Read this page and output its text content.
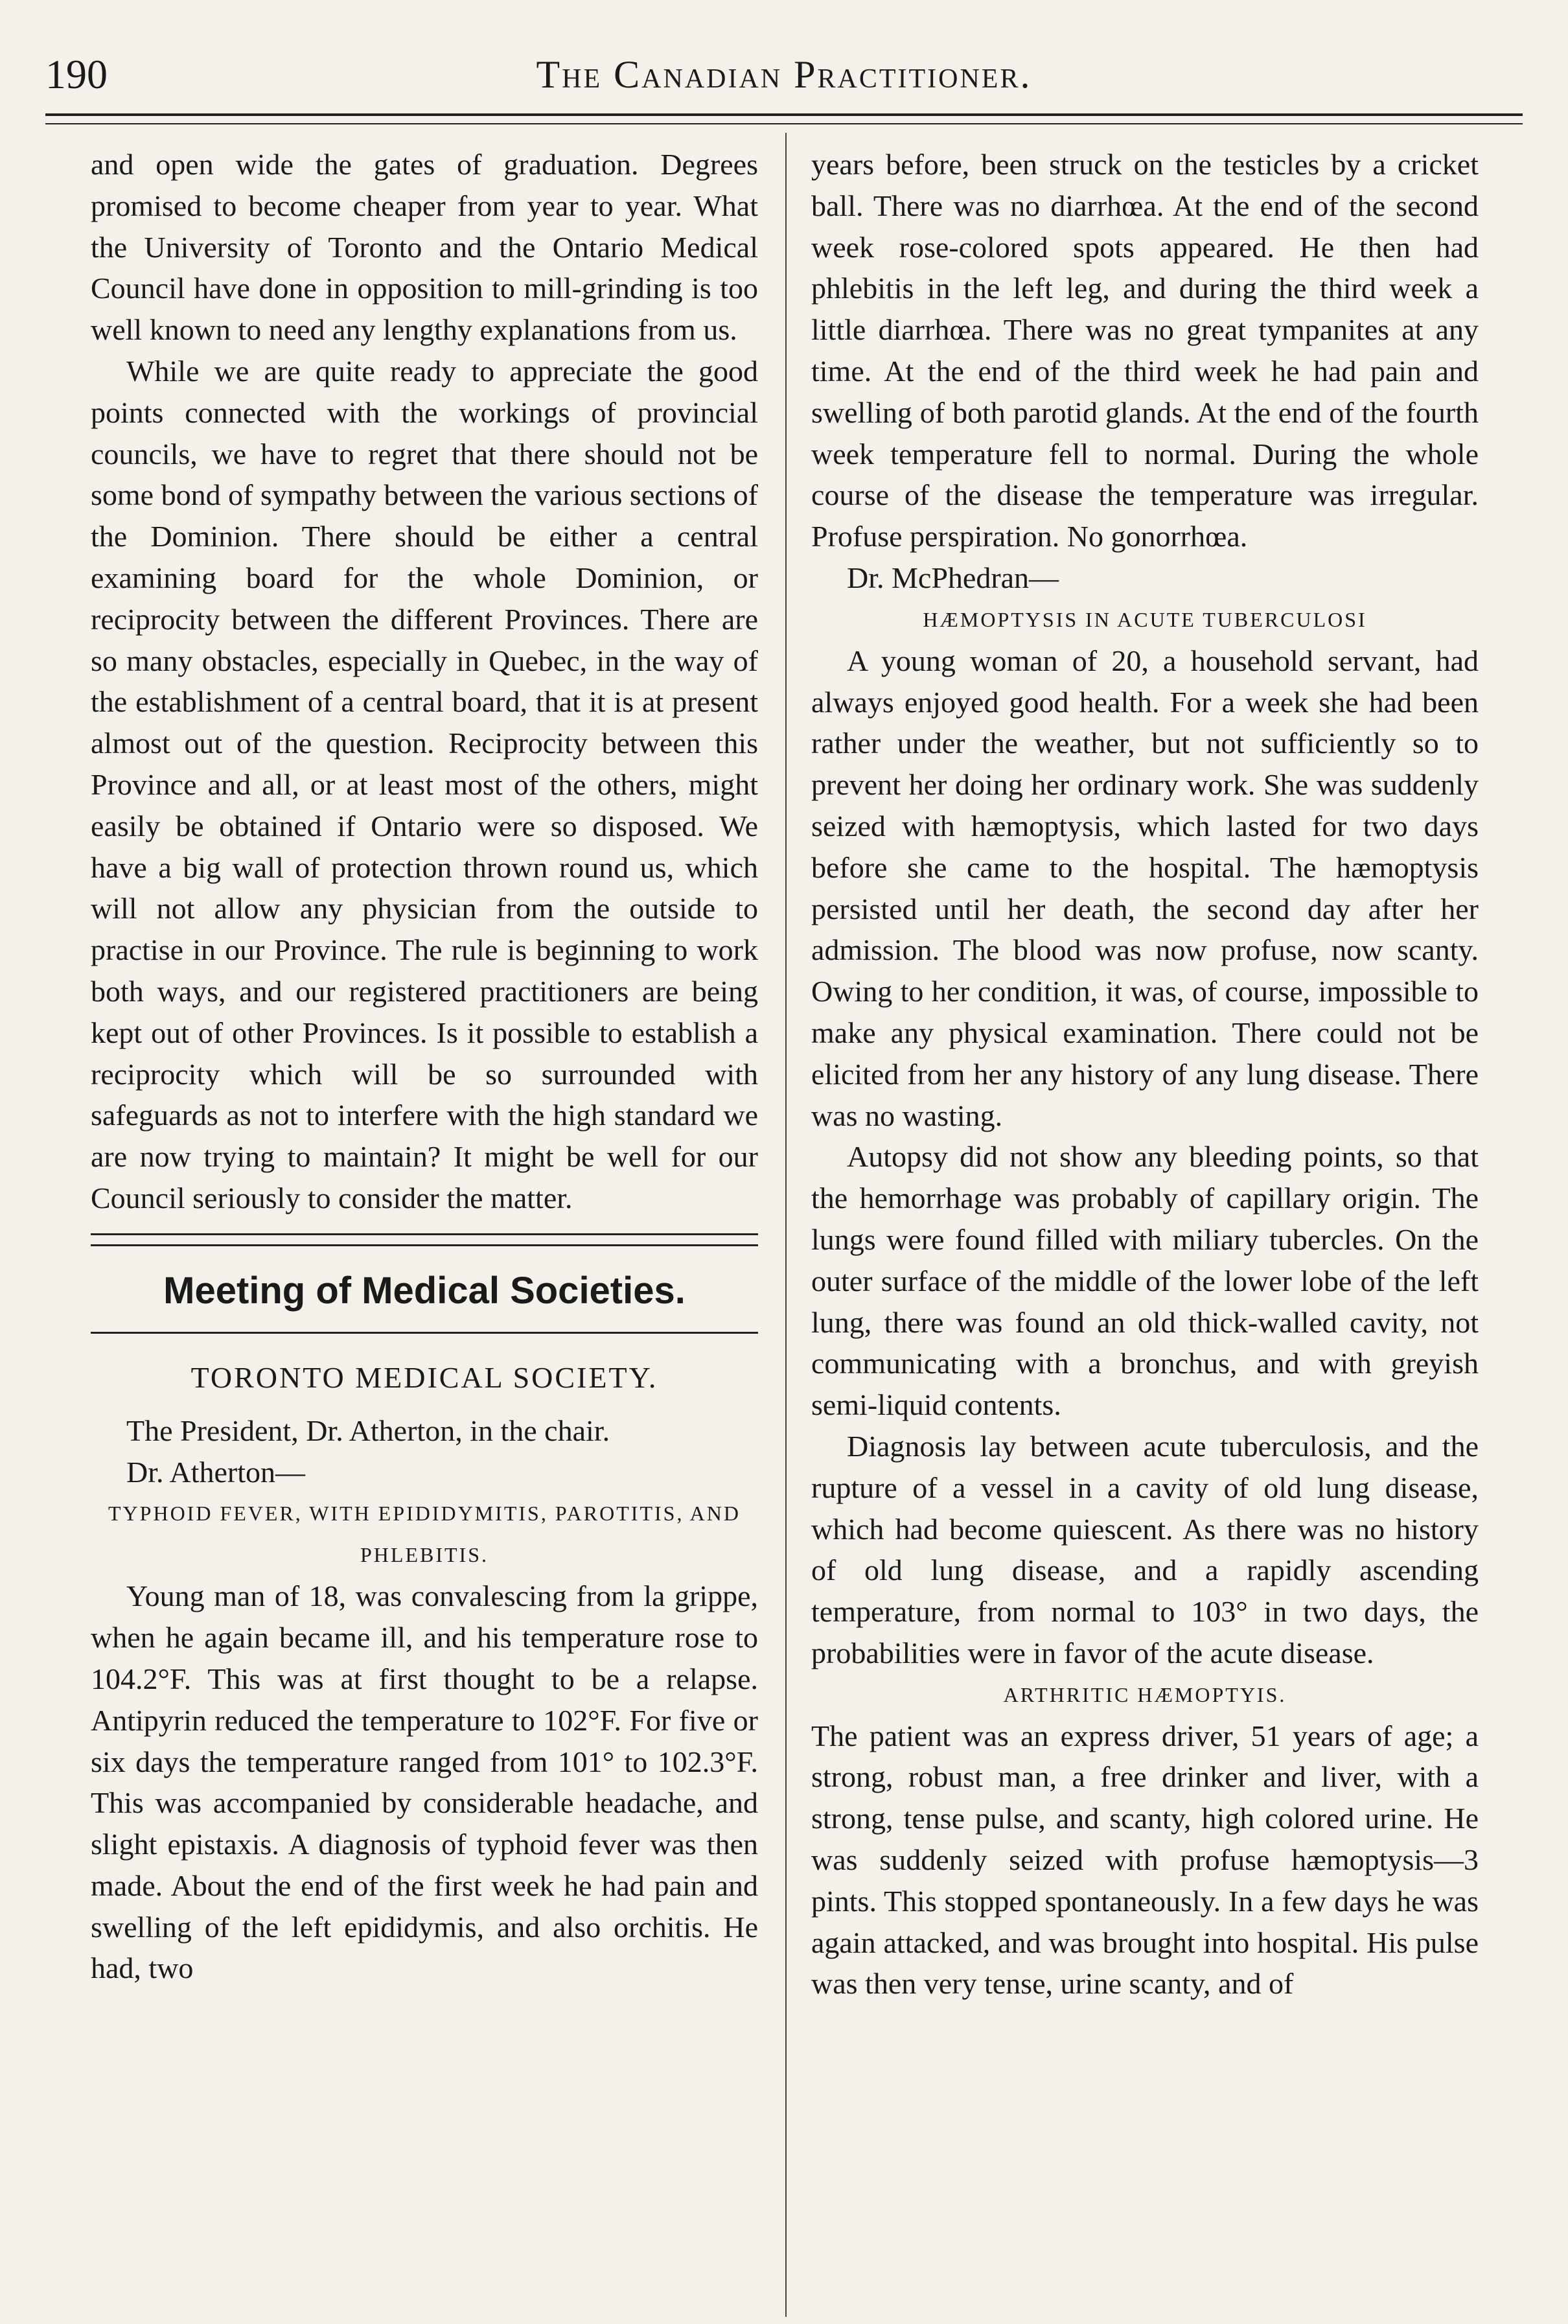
190	The Canadian Practitioner.

and open wide the gates of graduation. Degrees promised to become cheaper from year to year. What the University of Toronto and the Ontario Medical Council have done in opposition to mill-grinding is too well known to need any lengthy explanations from us.

While we are quite ready to appreciate the good points connected with the workings of provincial councils, we have to regret that there should not be some bond of sympathy between the various sections of the Dominion. There should be either a central examining board for the whole Dominion, or reciprocity between the different Provinces. There are so many obstacles, especially in Quebec, in the way of the establishment of a central board, that it is at present almost out of the question. Reciprocity between this Province and all, or at least most of the others, might easily be obtained if Ontario were so disposed. We have a big wall of protection thrown round us, which will not allow any physician from the outside to practise in our Province. The rule is beginning to work both ways, and our registered practitioners are being kept out of other Provinces. Is it possible to establish a reciprocity which will be so surrounded with safeguards as not to interfere with the high standard we are now trying to maintain? It might be well for our Council seriously to consider the matter.

Meeting of Medical Societies.

TORONTO MEDICAL SOCIETY.

The President, Dr. Atherton, in the chair.

Dr. Atherton—

TYPHOID FEVER, WITH EPIDIDYMITIS, PAROTITIS, AND PHLEBITIS.

Young man of 18, was convalescing from la grippe, when he again became ill, and his temperature rose to 104.2°F. This was at first thought to be a relapse. Antipyrin reduced the temperature to 102°F. For five or six days the temperature ranged from 101° to 102.3°F. This was accompanied by considerable headache, and slight epistaxis. A diagnosis of typhoid fever was then made. About the end of the first week he had pain and swelling of the left epididymis, and also orchitis. He had, two

years before, been struck on the testicles by a cricket ball. There was no diarrhœa. At the end of the second week rose-colored spots appeared. He then had phlebitis in the left leg, and during the third week a little diarrhœa. There was no great tympanites at any time. At the end of the third week he had pain and swelling of both parotid glands. At the end of the fourth week temperature fell to normal. During the whole course of the disease the temperature was irregular. Profuse perspiration. No gonorrhœa.

Dr. McPhedran—

HÆMOPTYSIS IN ACUTE TUBERCULOSI

A young woman of 20, a household servant, had always enjoyed good health. For a week she had been rather under the weather, but not sufficiently so to prevent her doing her ordinary work. She was suddenly seized with hæmoptysis, which lasted for two days before she came to the hospital. The hæmoptysis persisted until her death, the second day after her admission. The blood was now profuse, now scanty. Owing to her condition, it was, of course, impossible to make any physical examination. There could not be elicited from her any history of any lung disease. There was no wasting.

Autopsy did not show any bleeding points, so that the hemorrhage was probably of capillary origin. The lungs were found filled with miliary tubercles. On the outer surface of the middle of the lower lobe of the left lung, there was found an old thick-walled cavity, not communicating with a bronchus, and with greyish semi-liquid contents.

Diagnosis lay between acute tuberculosis, and the rupture of a vessel in a cavity of old lung disease, which had become quiescent. As there was no history of old lung disease, and a rapidly ascending temperature, from normal to 103° in two days, the probabilities were in favor of the acute disease.

ARTHRITIC HÆMOPTYIS.

The patient was an express driver, 51 years of age; a strong, robust man, a free drinker and liver, with a strong, tense pulse, and scanty, high colored urine. He was suddenly seized with profuse hæmoptysis—3 pints. This stopped spontaneously. In a few days he was again attacked, and was brought into hospital. His pulse was then very tense, urine scanty, and of
